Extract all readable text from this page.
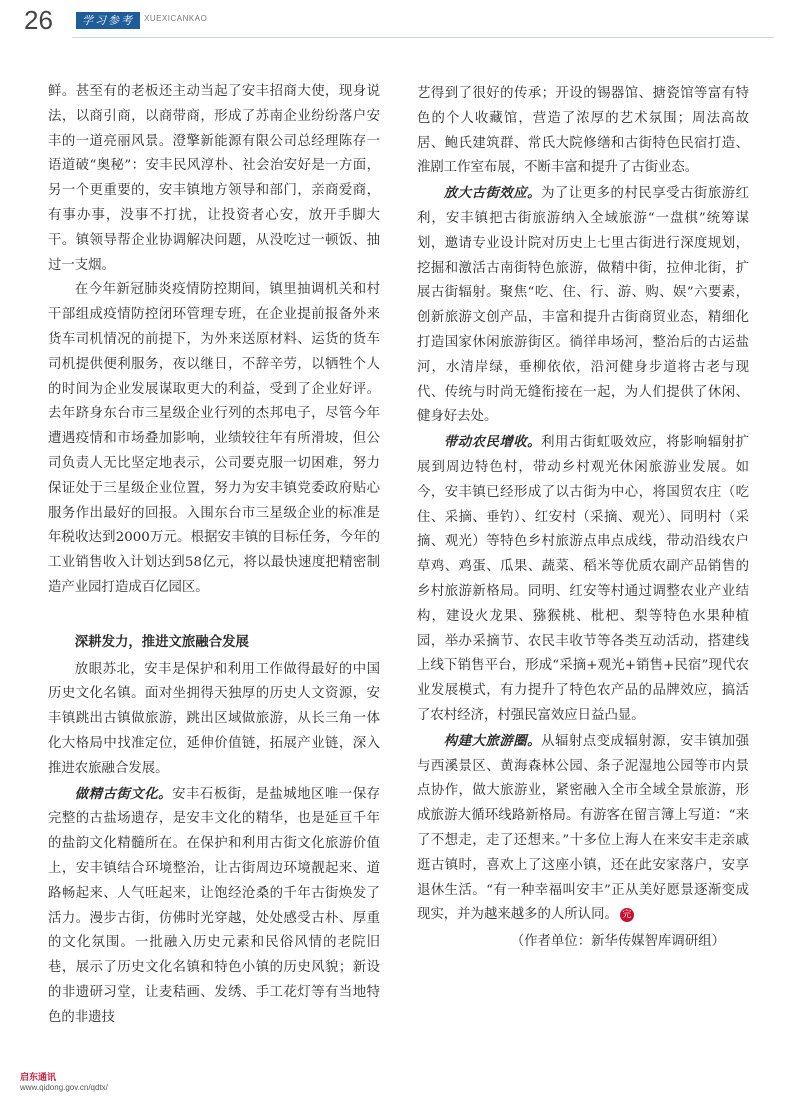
26	学习参考	XUEXICANKAO

鲜。甚至有的老板还主动当起了安丰招商大使，现身说法，以商引商，以商带商，形成了苏南企业纷纷落户安丰的一道亮丽风景。澄擎新能源有限公司总经理陈存一语道破“奥秘”：安丰民风淳朴、社会治安好是一方面，另一个更重要的，安丰镇地方领导和部门，亲商爱商，有事办事，没事不打扰，让投资者心安，放开手脚大干。镇领导帮企业协调解决问题，从没吃过一顿饭、抽过一支烟。

在今年新冠肺炎疫情防控期间，镇里抽调机关和村干部组成疫情防控闭环管理专班，在企业提前报备外来货车司机情况的前提下，为外来送原材料、运货的货车司机提供便利服务，夜以继日，不辞辛劳，以牺牲个人的时间为企业发展谋取更大的利益，受到了企业好评。去年跻身东台市三星级企业行列的杰邦电子，尽管今年遭遇疫情和市场叠加影响，业绩较往年有所滑坡，但公司负责人无比坚定地表示，公司要克服一切困难，努力保证处于三星级企业位置，努力为安丰镇党委政府贴心服务作出最好的回报。入围东台市三星级企业的标准是年税收达到2000万元。根据安丰镇的目标任务，今年的工业销售收入计划达到58亿元，将以最快速度把精密制造产业园打造成百亿园区。

深耕发力，推进文旅融合发展

放眼苏北，安丰是保护和利用工作做得最好的中国历史文化名镇。面对坐拥得天独厚的历史人文资源，安丰镇跳出古镇做旅游，跳出区域做旅游，从长三角一体化大格局中找准定位，延伸价值链，拓展产业链，深入推进农旅融合发展。

做精古街文化。安丰石板街，是盐城地区唯一保存完整的古盐场遗存，是安丰文化的精华，也是延亘千年的盐韵文化精髓所在。在保护和利用古街文化旅游价值上，安丰镇结合环境整治，让古街周边环境靓起来、道路畅起来、人气旺起来，让饱经沧桑的千年古街焕发了活力。漫步古街，仿佛时光穿越，处处感受古朴、厚重的文化氛围。一批融入历史元素和民俗风情的老院旧巷，展示了历史文化名镇和特色小镇的历史风貌；新设的非遗研习堂，让麦秸画、发绣、手工花灯等有当地特色的非遗技

艺得到了很好的传承；开设的锡器馆、搪瓷馆等富有特色的个人收藏馆，营造了浓厚的艺术氛围；周法高故居、鲍氏建筑群、常氏大院修缮和古街特色民宿打造、淮剧工作室布展，不断丰富和提升了古街业态。

放大古街效应。为了让更多的村民享受古街旅游红利，安丰镇把古街旅游纳入全域旅游“一盘棋”统筹谋划，邀请专业设计院对历史上七里古街进行深度规划，挖掘和激活古南街特色旅游，做精中街，拉伸北街，扩展古街辐射。聚焦“吃、住、行、游、购、娱”六要素，创新旅游文创产品，丰富和提升古街商贸业态，精细化打造国家休闲旅游街区。徜徉串场河，整治后的古运盐河，水清岸绿，垂柳依依，沿河健身步道将古老与现代、传统与时尚无缝衔接在一起，为人们提供了休闲、健身好去处。

带动农民增收。利用古街虹吸效应，将影响辐射扩展到周边特色村，带动乡村观光休闲旅游业发展。如今，安丰镇已经形成了以古街为中心，将国贸农庄（吃住、采摘、垂钓）、红安村（采摘、观光）、同明村（采摘、观光）等特色乡村旅游点串点成线，带动沿线农户草鸡、鸡蛋、瓜果、蔬菜、稻米等优质农副产品销售的乡村旅游新格局。同明、红安等村通过调整农业产业结构，建设火龙果、猕猴桃、枇杷、梨等特色水果种植园，举办采摘节、农民丰收节等各类互动活动，搭建线上线下销售平台，形成“采摘+观光+销售+民宿”现代农业发展模式，有力提升了特色农产品的品牌效应，搞活了农村经济，村强民富效应日益凸显。

构建大旅游圈。从辐射点变成辐射源，安丰镇加强与西溪景区、黄海森林公园、条子泥湿地公园等市内景点协作，做大旅游业，紧密融入全市全域全景旅游，形成旅游大循环线路新格局。有游客在留言簿上写道：“来了不想走，走了还想来。”十多位上海人在来安丰走亲戚逛古镇时，喜欢上了这座小镇，还在此安家落户，安享退休生活。“有一种幸福叫安丰”正从美好愿景逐渐变成现实，并为越来越多的人所认同。 完

（作者单位：新华传媒智库调研组）

启东通讯
www.qidong.gov.cn/qdtx/
